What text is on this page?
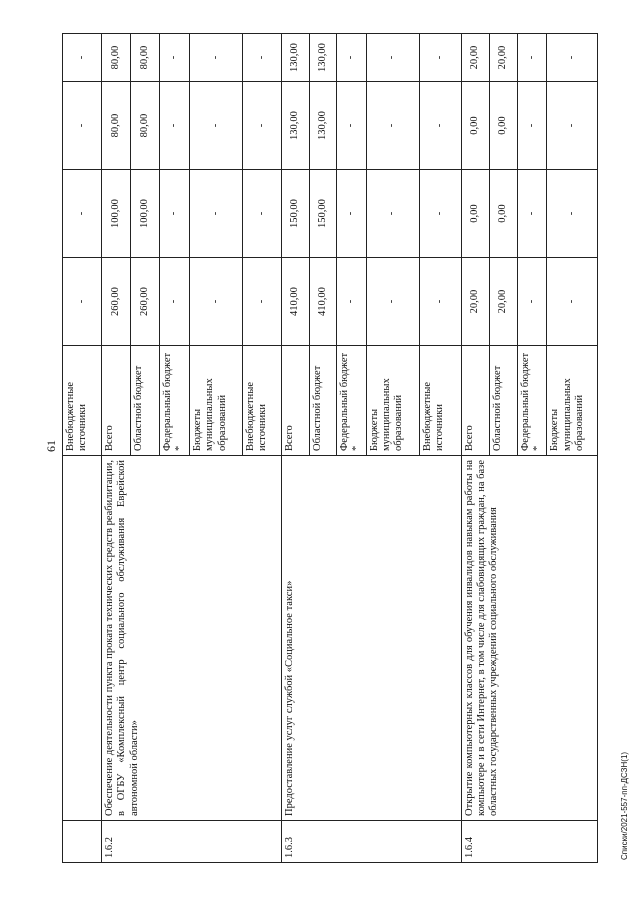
61
Списки/2021-557-пп-ДСЗН(1)
		Внебюджетные источники	-	-	-	-
1.6.2	Обеспечение деятельности пункта проката технических средств реабилитации, в ОГБУ «Комплексный центр социального обслуживания Еврейской автономной области»	Всего	260,00	100,00	80,00	80,00
		Областной бюджет	260,00	100,00	80,00	80,00
		Федеральный бюджет *	-	-	-	-
		Бюджеты муниципальных образований	-	-	-	-
		Внебюджетные источники	-	-	-	-
1.6.3	Предоставление услуг службой «Социальное такси»	Всего	410,00	150,00	130,00	130,00
		Областной бюджет	410,00	150,00	130,00	130,00
		Федеральный бюджет *	-	-	-	-
		Бюджеты муниципальных образований	-	-	-	-
		Внебюджетные источники	-	-	-	-
1.6.4	Открытие компьютерных классов для обучения инвалидов навыкам работы на компьютере и в сети Интернет, в том числе для слабовидящих граждан, на базе областных государственных учреждений социального обслуживания	Всего	20,00	0,00	0,00	20,00
		Областной бюджет	20,00	0,00	0,00	20,00
		Федеральный бюджет *	-	-	-	-
		Бюджеты муниципальных образований	-	-	-	-
